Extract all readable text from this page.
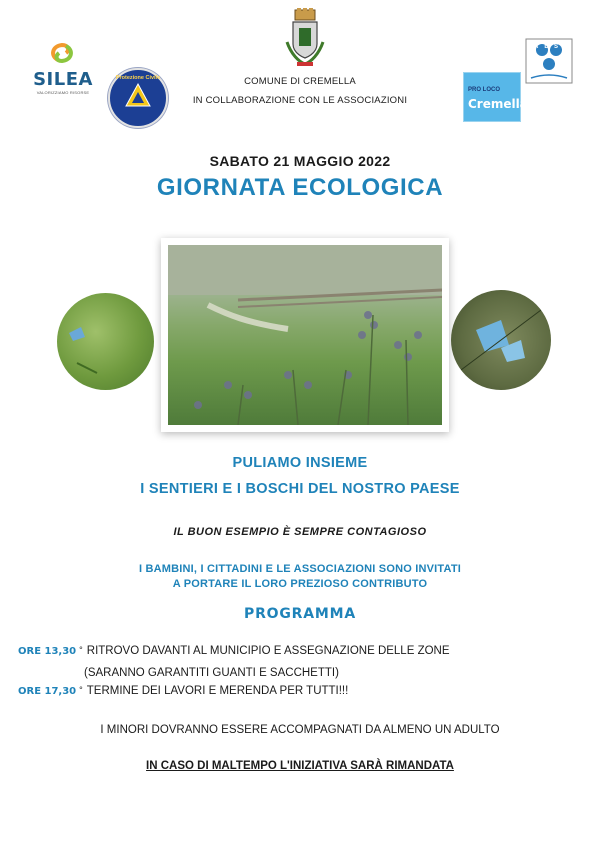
SILEA
VALORIZZIAMO RISORSE
Protezione Civile
PRO LOCO
Cremella
ALS
COMUNE DI CREMELLA
IN COLLABORAZIONE CON LE ASSOCIAZIONI
SABATO 21 MAGGIO 2022
GIORNATA ECOLOGICA
PULIAMO INSIEME
I SENTIERI E I BOSCHI DEL NOSTRO PAESE
IL BUON ESEMPIO È SEMPRE CONTAGIOSO
I BAMBINI, I CITTADINI E LE ASSOCIAZIONI SONO INVITATI
A PORTARE IL LORO PREZIOSO CONTRIBUTO
PROGRAMMA
ORE 13,30 ° RITROVO DAVANTI AL MUNICIPIO E ASSEGNAZIONE DELLE ZONE
(SARANNO GARANTITI GUANTI E SACCHETTI)
ORE 17,30 ° TERMINE DEI LAVORI E MERENDA PER TUTTI!!!
I MINORI DOVRANNO ESSERE ACCOMPAGNATI DA ALMENO UN ADULTO
IN CASO DI MALTEMPO L'INIZIATIVA SARÀ RIMANDATA
